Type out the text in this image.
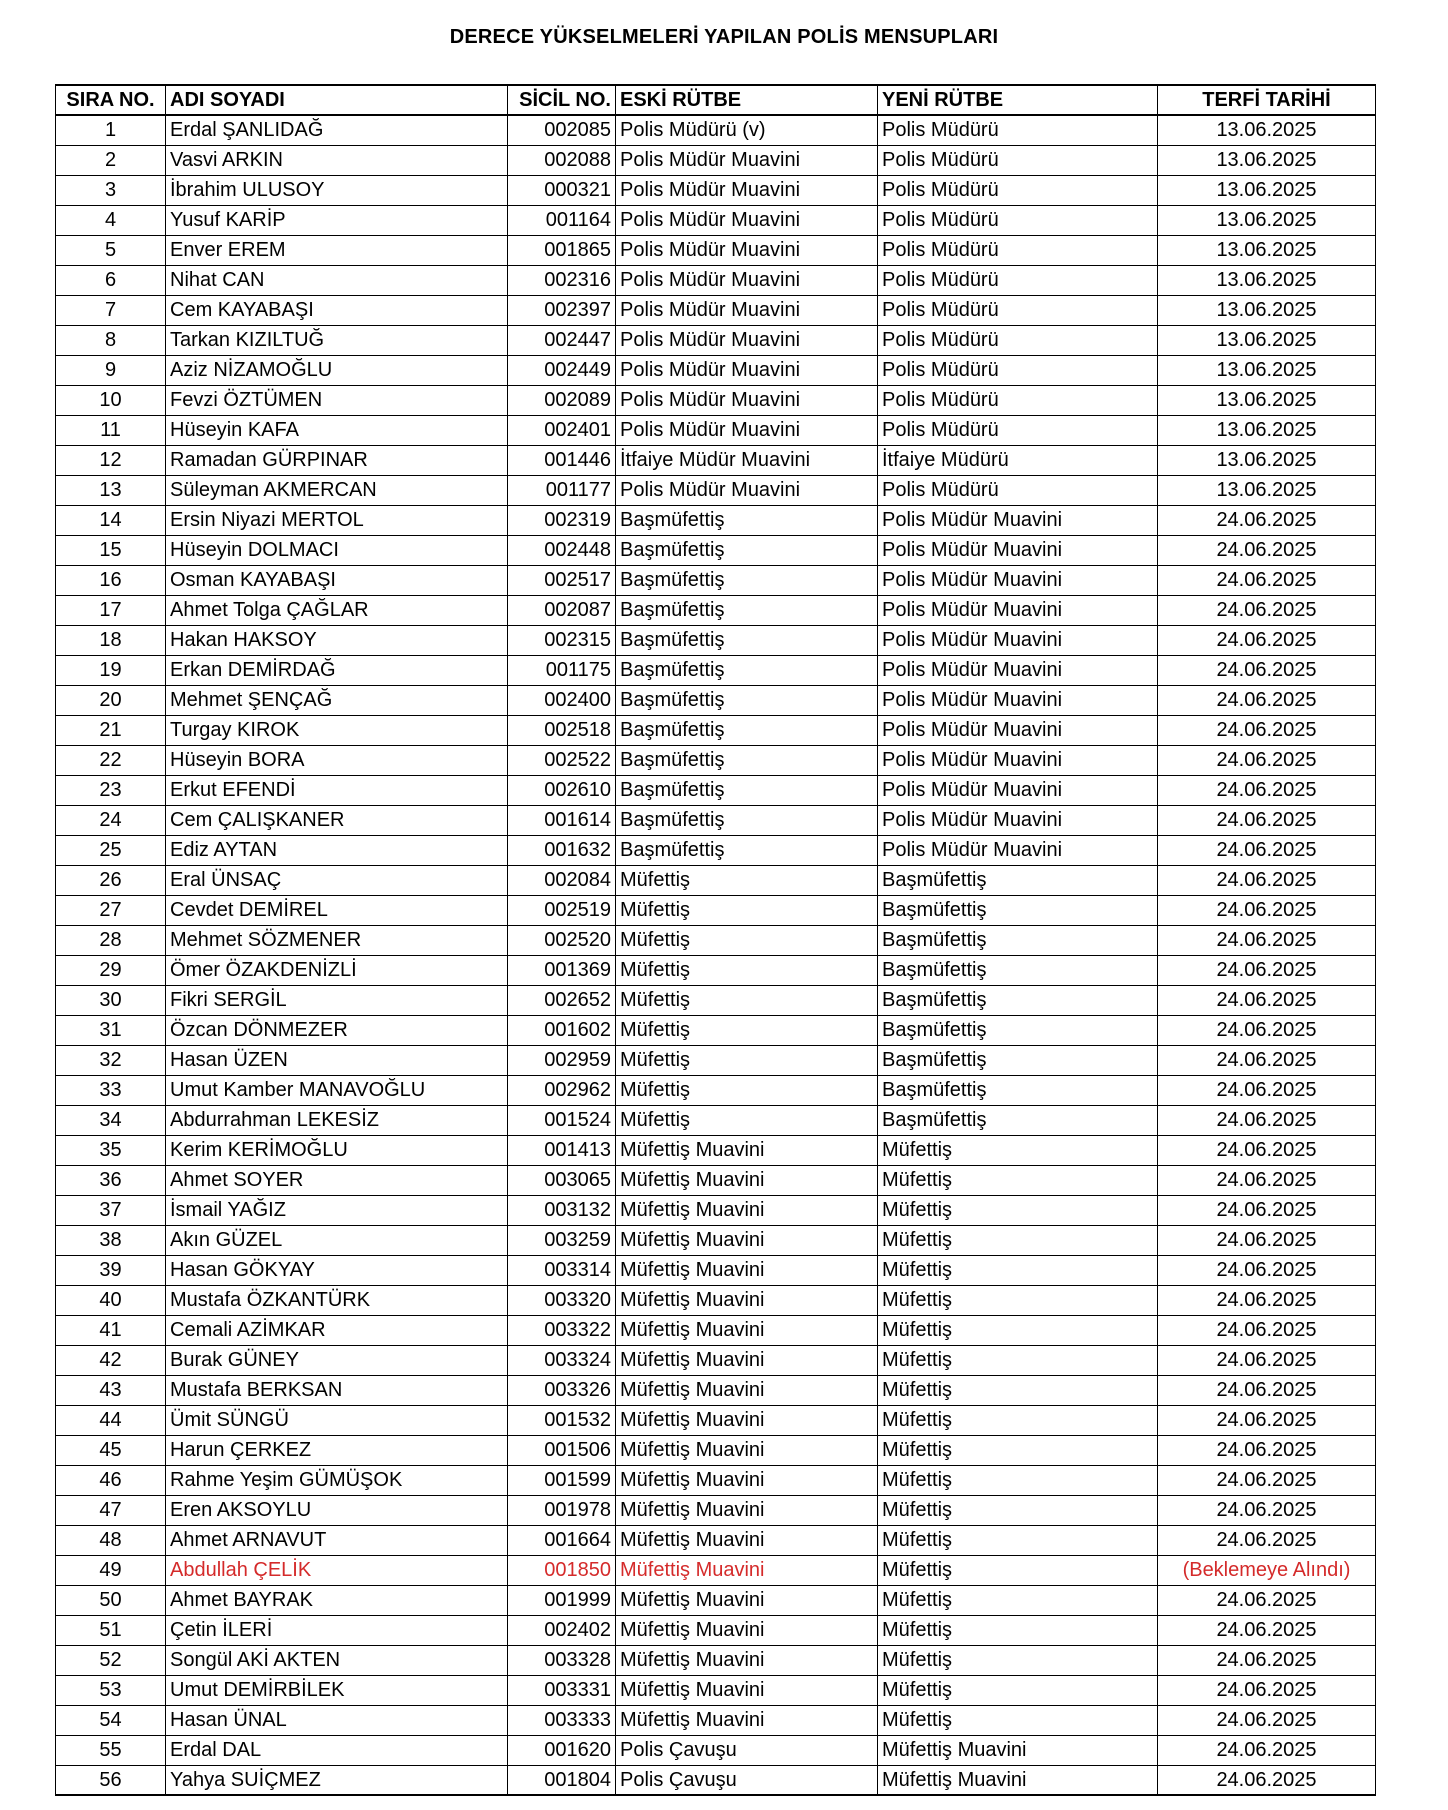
DERECE YÜKSELMELERİ YAPILAN POLİS MENSUPLARI
SIRA NO.	ADI SOYADI	SİCİL NO.	ESKİ RÜTBE	YENİ RÜTBE	TERFİ TARİHİ
1	Erdal ŞANLIDAĞ	002085	Polis Müdürü (v)	Polis Müdürü	13.06.2025
2	Vasvi ARKIN	002088	Polis Müdür Muavini	Polis Müdürü	13.06.2025
3	İbrahim ULUSOY	000321	Polis Müdür Muavini	Polis Müdürü	13.06.2025
4	Yusuf KARİP	001164	Polis Müdür Muavini	Polis Müdürü	13.06.2025
5	Enver EREM	001865	Polis Müdür Muavini	Polis Müdürü	13.06.2025
6	Nihat CAN	002316	Polis Müdür Muavini	Polis Müdürü	13.06.2025
7	Cem KAYABAŞI	002397	Polis Müdür Muavini	Polis Müdürü	13.06.2025
8	Tarkan KIZILTUĞ	002447	Polis Müdür Muavini	Polis Müdürü	13.06.2025
9	Aziz NİZAMOĞLU	002449	Polis Müdür Muavini	Polis Müdürü	13.06.2025
10	Fevzi ÖZTÜMEN	002089	Polis Müdür Muavini	Polis Müdürü	13.06.2025
11	Hüseyin KAFA	002401	Polis Müdür Muavini	Polis Müdürü	13.06.2025
12	Ramadan GÜRPINAR	001446	İtfaiye Müdür Muavini	İtfaiye Müdürü	13.06.2025
13	Süleyman AKMERCAN	001177	Polis Müdür Muavini	Polis Müdürü	13.06.2025
14	Ersin Niyazi MERTOL	002319	Başmüfettiş	Polis Müdür Muavini	24.06.2025
15	Hüseyin DOLMACI	002448	Başmüfettiş	Polis Müdür Muavini	24.06.2025
16	Osman KAYABAŞI	002517	Başmüfettiş	Polis Müdür Muavini	24.06.2025
17	Ahmet Tolga ÇAĞLAR	002087	Başmüfettiş	Polis Müdür Muavini	24.06.2025
18	Hakan HAKSOY	002315	Başmüfettiş	Polis Müdür Muavini	24.06.2025
19	Erkan DEMİRDAĞ	001175	Başmüfettiş	Polis Müdür Muavini	24.06.2025
20	Mehmet ŞENÇAĞ	002400	Başmüfettiş	Polis Müdür Muavini	24.06.2025
21	Turgay KIROK	002518	Başmüfettiş	Polis Müdür Muavini	24.06.2025
22	Hüseyin BORA	002522	Başmüfettiş	Polis Müdür Muavini	24.06.2025
23	Erkut EFENDİ	002610	Başmüfettiş	Polis Müdür Muavini	24.06.2025
24	Cem ÇALIŞKANER	001614	Başmüfettiş	Polis Müdür Muavini	24.06.2025
25	Ediz AYTAN	001632	Başmüfettiş	Polis Müdür Muavini	24.06.2025
26	Eral ÜNSAÇ	002084	Müfettiş	Başmüfettiş	24.06.2025
27	Cevdet DEMİREL	002519	Müfettiş	Başmüfettiş	24.06.2025
28	Mehmet SÖZMENER	002520	Müfettiş	Başmüfettiş	24.06.2025
29	Ömer ÖZAKDENİZLİ	001369	Müfettiş	Başmüfettiş	24.06.2025
30	Fikri SERGİL	002652	Müfettiş	Başmüfettiş	24.06.2025
31	Özcan DÖNMEZER	001602	Müfettiş	Başmüfettiş	24.06.2025
32	Hasan ÜZEN	002959	Müfettiş	Başmüfettiş	24.06.2025
33	Umut Kamber MANAVOĞLU	002962	Müfettiş	Başmüfettiş	24.06.2025
34	Abdurrahman LEKESİZ	001524	Müfettiş	Başmüfettiş	24.06.2025
35	Kerim KERİMOĞLU	001413	Müfettiş Muavini	Müfettiş	24.06.2025
36	Ahmet SOYER	003065	Müfettiş Muavini	Müfettiş	24.06.2025
37	İsmail YAĞIZ	003132	Müfettiş Muavini	Müfettiş	24.06.2025
38	Akın GÜZEL	003259	Müfettiş Muavini	Müfettiş	24.06.2025
39	Hasan GÖKYAY	003314	Müfettiş Muavini	Müfettiş	24.06.2025
40	Mustafa ÖZKANTÜRK	003320	Müfettiş Muavini	Müfettiş	24.06.2025
41	Cemali AZİMKAR	003322	Müfettiş Muavini	Müfettiş	24.06.2025
42	Burak GÜNEY	003324	Müfettiş Muavini	Müfettiş	24.06.2025
43	Mustafa BERKSAN	003326	Müfettiş Muavini	Müfettiş	24.06.2025
44	Ümit SÜNGÜ	001532	Müfettiş Muavini	Müfettiş	24.06.2025
45	Harun ÇERKEZ	001506	Müfettiş Muavini	Müfettiş	24.06.2025
46	Rahme Yeşim GÜMÜŞOK	001599	Müfettiş Muavini	Müfettiş	24.06.2025
47	Eren AKSOYLU	001978	Müfettiş Muavini	Müfettiş	24.06.2025
48	Ahmet ARNAVUT	001664	Müfettiş Muavini	Müfettiş	24.06.2025
49	Abdullah ÇELİK	001850	Müfettiş Muavini	Müfettiş	(Beklemeye Alındı)
50	Ahmet BAYRAK	001999	Müfettiş Muavini	Müfettiş	24.06.2025
51	Çetin İLERİ	002402	Müfettiş Muavini	Müfettiş	24.06.2025
52	Songül AKİ AKTEN	003328	Müfettiş Muavini	Müfettiş	24.06.2025
53	Umut DEMİRBİLEK	003331	Müfettiş Muavini	Müfettiş	24.06.2025
54	Hasan ÜNAL	003333	Müfettiş Muavini	Müfettiş	24.06.2025
55	Erdal DAL	001620	Polis Çavuşu	Müfettiş Muavini	24.06.2025
56	Yahya SUİÇMEZ	001804	Polis Çavuşu	Müfettiş Muavini	24.06.2025
